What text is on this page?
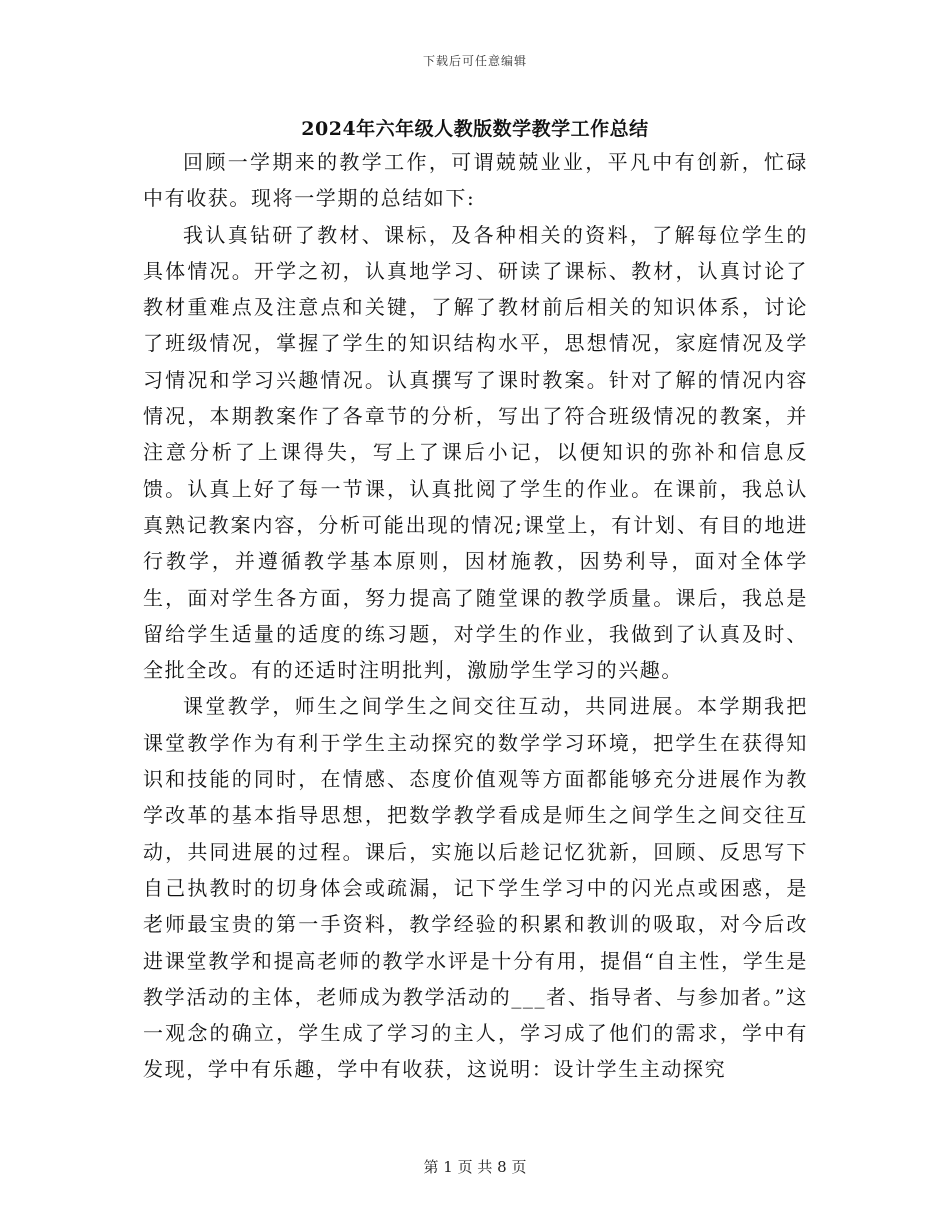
下载后可任意编辑
2024年六年级人教版数学教学工作总结

回顾一学期来的教学工作，可谓兢兢业业，平凡中有创新，忙碌中有收获。现将一学期的总结如下:

我认真钻研了教材、课标，及各种相关的资料，了解每位学生的具体情况。开学之初，认真地学习、研读了课标、教材，认真讨论了教材重难点及注意点和关键，了解了教材前后相关的知识体系，讨论了班级情况，掌握了学生的知识结构水平，思想情况，家庭情况及学习情况和学习兴趣情况。认真撰写了课时教案。针对了解的情况内容情况，本期教案作了各章节的分析，写出了符合班级情况的教案，并注意分析了上课得失，写上了课后小记，以便知识的弥补和信息反馈。认真上好了每一节课，认真批阅了学生的作业。在课前，我总认真熟记教案内容，分析可能出现的情况;课堂上，有计划、有目的地进行教学，并遵循教学基本原则，因材施教，因势利导，面对全体学生，面对学生各方面，努力提高了随堂课的教学质量。课后，我总是留给学生适量的适度的练习题，对学生的作业，我做到了认真及时、全批全改。有的还适时注明批判，激励学生学习的兴趣。

课堂教学，师生之间学生之间交往互动，共同进展。本学期我把课堂教学作为有利于学生主动探究的数学学习环境，把学生在获得知识和技能的同时，在情感、态度价值观等方面都能够充分进展作为教学改革的基本指导思想，把数学教学看成是师生之间学生之间交往互动，共同进展的过程。课后，实施以后趁记忆犹新，回顾、反思写下自己执教时的切身体会或疏漏，记下学生学习中的闪光点或困惑，是老师最宝贵的第一手资料，教学经验的积累和教训的吸取，对今后改进课堂教学和提高老师的教学水评是十分有用，提倡“自主性，学生是教学活动的主体，老师成为教学活动的___者、指导者、与参加者。”这一观念的确立，学生成了学习的主人，学习成了他们的需求，学中有发现，学中有乐趣，学中有收获，这说明：设计学生主动探究

第 1 页 共 8 页
